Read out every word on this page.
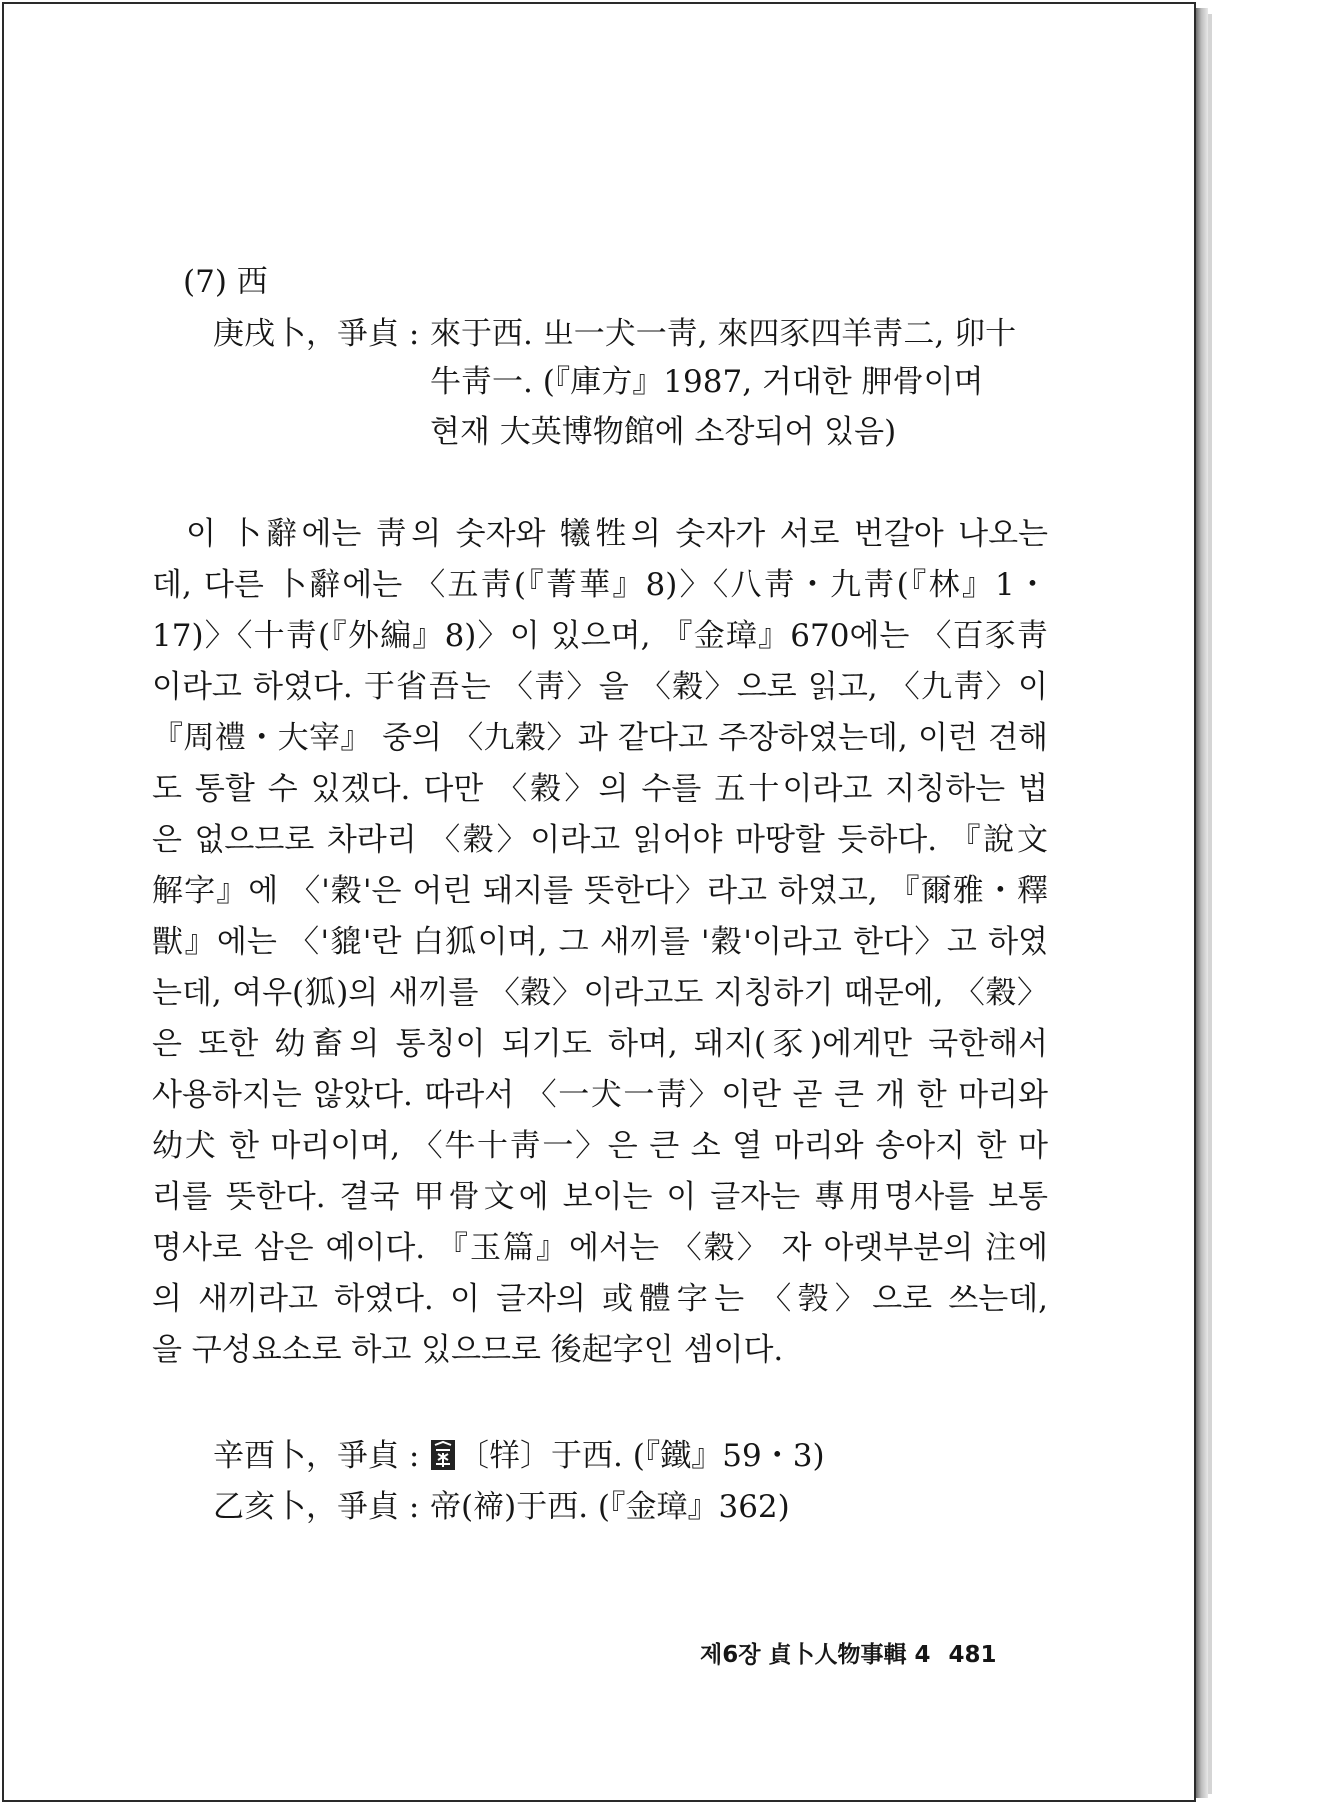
(7) 西
庚戌卜，爭貞 : 來于西. 㞢一犬一靑, 來四豕四羊靑二, 卯十
牛靑一. (『庫方』1987, 거대한 胛骨이며
현재 大英博物館에 소장되어 있음)
이 卜辭에는 靑의 숫자와 犧牲의 숫자가 서로 번갈아 나오는
데, 다른 卜辭에는 〈五靑(『菁華』8)〉〈八靑・九靑(『林』1・
17)〉〈十靑(『外編』8)〉이 있으며, 『金璋』670에는 〈百豕靑
이라고 하였다. 于省吾는 〈靑〉을 〈穀〉으로 읽고, 〈九靑〉이
『周禮・大宰』 중의 〈九穀〉과 같다고 주장하였는데, 이런 견해
도 통할 수 있겠다. 다만 〈穀〉의 수를 五十이라고 지칭하는 법
은 없으므로 차라리 〈穀〉이라고 읽어야 마땅할 듯하다. 『說文
解字』에 〈'穀'은 어린 돼지를 뜻한다〉라고 하였고, 『爾雅・釋
獸』에는 〈'貔'란 白狐이며, 그 새끼를 '穀'이라고 한다〉고 하였
는데, 여우(狐)의 새끼를 〈穀〉이라고도 지칭하기 때문에, 〈穀〉
은 또한 幼畜의 통칭이 되기도 하며, 돼지(豕)에게만 국한해서
사용하지는 않았다. 따라서 〈一犬一靑〉이란 곧 큰 개 한 마리와
幼犬 한 마리이며, 〈牛十靑一〉은 큰 소 열 마리와 송아지 한 마
리를 뜻한다. 결국 甲骨文에 보이는 이 글자는 專用명사를 보통
명사로 삼은 예이다. 『玉篇』에서는 〈穀〉 자 아랫부분의 注에
의 새끼라고 하였다. 이 글자의 或體字는 〈㝅〉으로 쓰는데,
을 구성요소로 하고 있으므로 後起字인 셈이다.
辛酉卜，爭貞 :	〔䍧〕于西. (『鐵』59・3)
乙亥卜，爭貞 : 帝(禘)于西. (『金璋』362)
제6장 貞卜人物事輯 4 481
